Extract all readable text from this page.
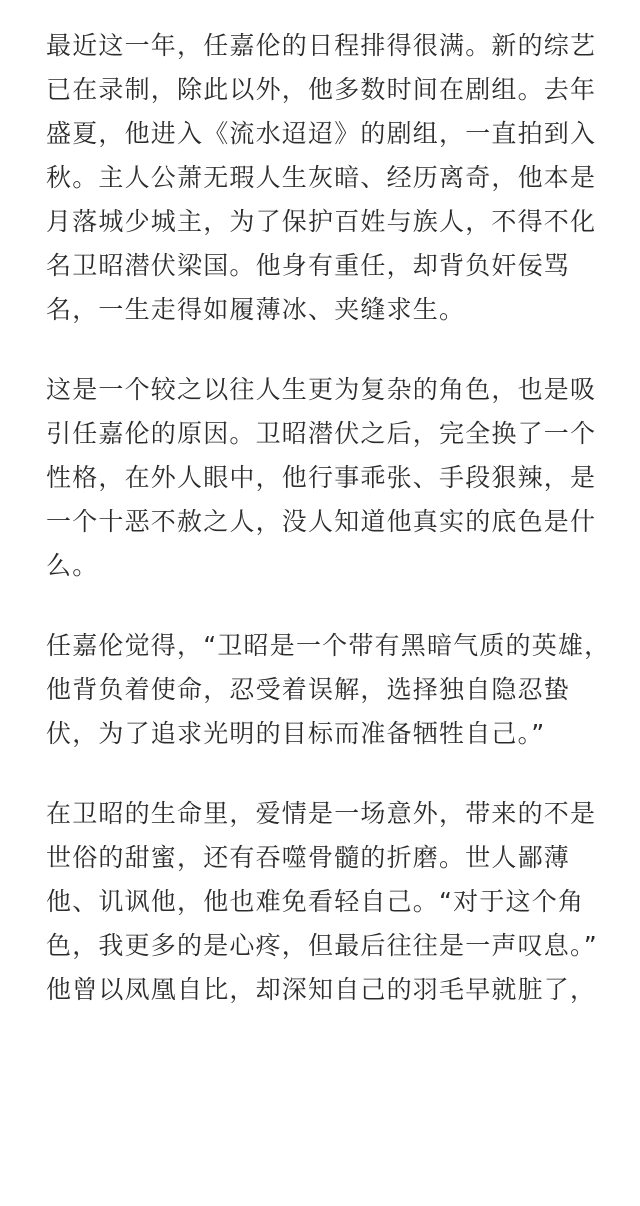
最近这一年，任嘉伦的日程排得很满。新的综艺
已在录制，除此以外，他多数时间在剧组。去年
盛夏，他进入《流水迢迢》的剧组，一直拍到入
秋。主人公萧无瑕人生灰暗、经历离奇，他本是
月落城少城主，为了保护百姓与族人，不得不化
名卫昭潜伏梁国。他身有重任，却背负奸佞骂
名，一生走得如履薄冰、夹缝求生。
这是一个较之以往人生更为复杂的角色，也是吸
引任嘉伦的原因。卫昭潜伏之后，完全换了一个
性格，在外人眼中，他行事乖张、手段狠辣，是
一个十恶不赦之人，没人知道他真实的底色是什
么。
任嘉伦觉得，“卫昭是一个带有黑暗气质的英雄，
他背负着使命，忍受着误解，选择独自隐忍蛰
伏，为了追求光明的目标而准备牺牲自己。”
在卫昭的生命里，爱情是一场意外，带来的不是
世俗的甜蜜，还有吞噬骨髓的折磨。世人鄙薄
他、讥讽他，他也难免看轻自己。“对于这个角
色，我更多的是心疼，但最后往往是一声叹息。”
他曾以凤凰自比，却深知自己的羽毛早就脏了，
